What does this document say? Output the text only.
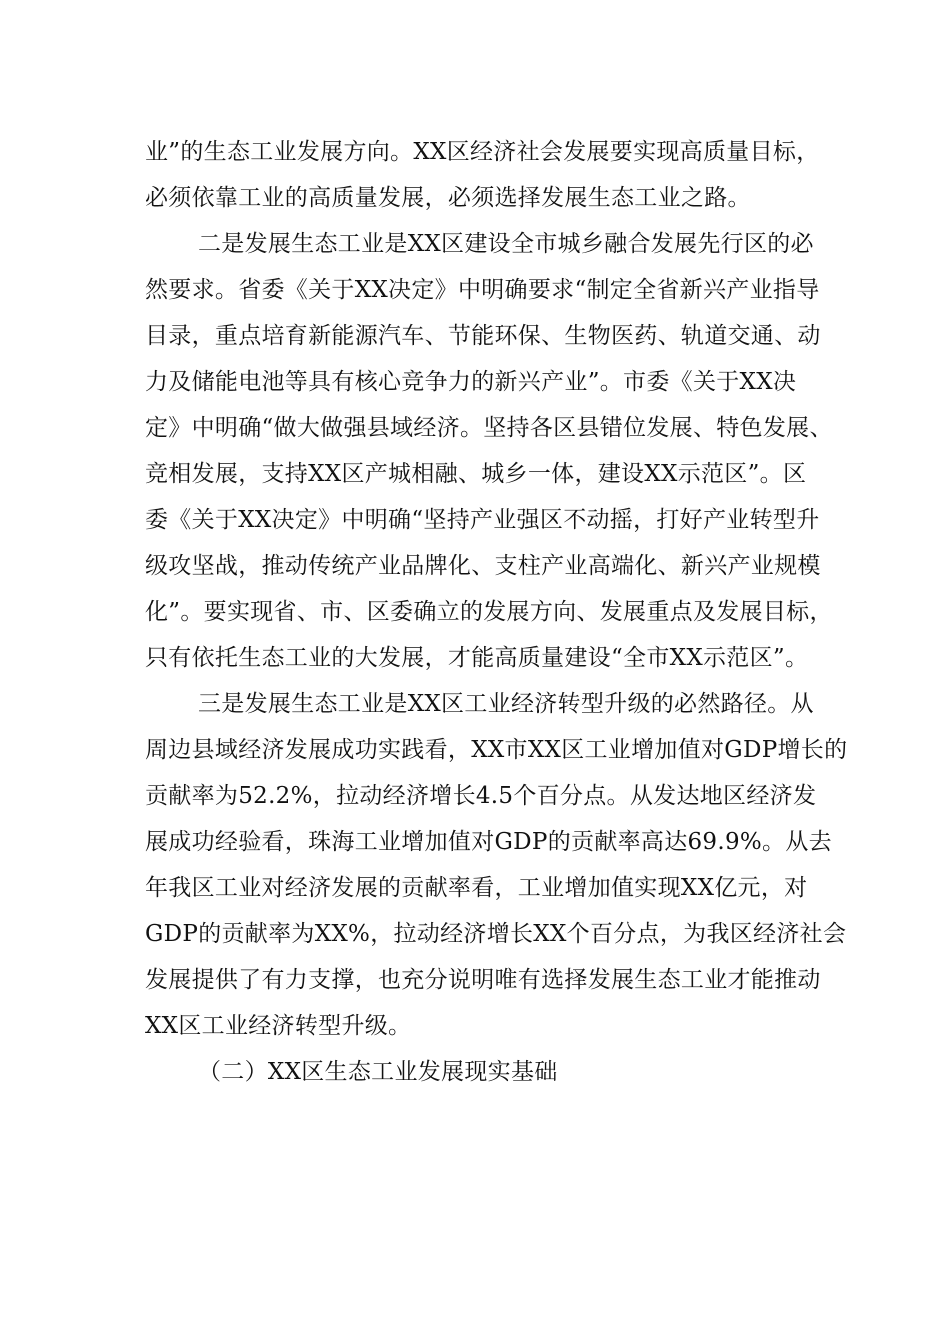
业”的生态工业发展方向。XX区经济社会发展要实现高质量目标，

必须依靠工业的高质量发展，必须选择发展生态工业之路。

二是发展生态工业是XX区建设全市城乡融合发展先行区的必

然要求。省委《关于XX决定》中明确要求“制定全省新兴产业指导

目录，重点培育新能源汽车、节能环保、生物医药、轨道交通、动

力及储能电池等具有核心竞争力的新兴产业”。市委《关于XX决

定》中明确“做大做强县域经济。坚持各区县错位发展、特色发展、

竞相发展，支持XX区产城相融、城乡一体，建设XX示范区”。区

委《关于XX决定》中明确“坚持产业强区不动摇，打好产业转型升

级攻坚战，推动传统产业品牌化、支柱产业高端化、新兴产业规模

化”。要实现省、市、区委确立的发展方向、发展重点及发展目标，

只有依托生态工业的大发展，才能高质量建设“全市XX示范区”。

三是发展生态工业是XX区工业经济转型升级的必然路径。从

周边县域经济发展成功实践看，XX市XX区工业增加值对GDP增长的

贡献率为52.2%，拉动经济增长4.5个百分点。从发达地区经济发

展成功经验看，珠海工业增加值对GDP的贡献率高达69.9%。从去

年我区工业对经济发展的贡献率看，工业增加值实现XX亿元，对

GDP的贡献率为XX%，拉动经济增长XX个百分点，为我区经济社会

发展提供了有力支撑，也充分说明唯有选择发展生态工业才能推动

XX区工业经济转型升级。

（二）XX区生态工业发展现实基础
